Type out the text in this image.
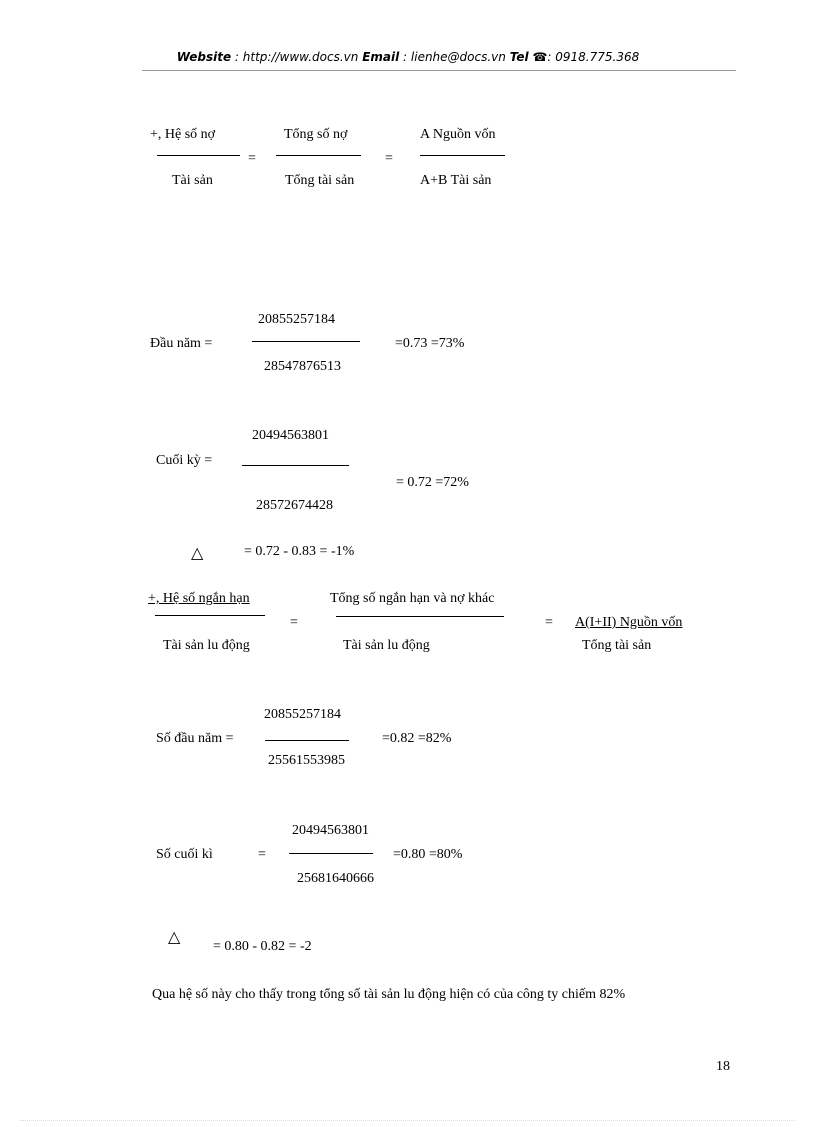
Website : http://www.docs.vn Email : lienhe@docs.vn Tel ☎: 0918.775.368
+, Hệ số nợ
Tài sản
=
Tổng số nợ
Tổng tài sản
=
A Nguồn vốn
A+B Tài sản
20855257184
Đầu năm =	=0.73 =73%
28547876513
20494563801
Cuối kỳ =
= 0.72 =72%
28572674428
△	= 0.72 - 0.83 = -1%
+, Hệ số ngắn hạn
Tài sản lu động
=
Tổng số ngắn hạn và nợ khác
Tài sản lu động
= A(I+II) Nguồn vốn
Tổng tài sản
20855257184
Số đầu năm =	=0.82 =82%
25561553985
20494563801
Số cuối kì	=	=0.80 =80%
25681640666
△
= 0.80 - 0.82 = -2
Qua hệ số này cho thấy trong tổng số tài sản lu động hiện có của công ty chiếm 82%
18
